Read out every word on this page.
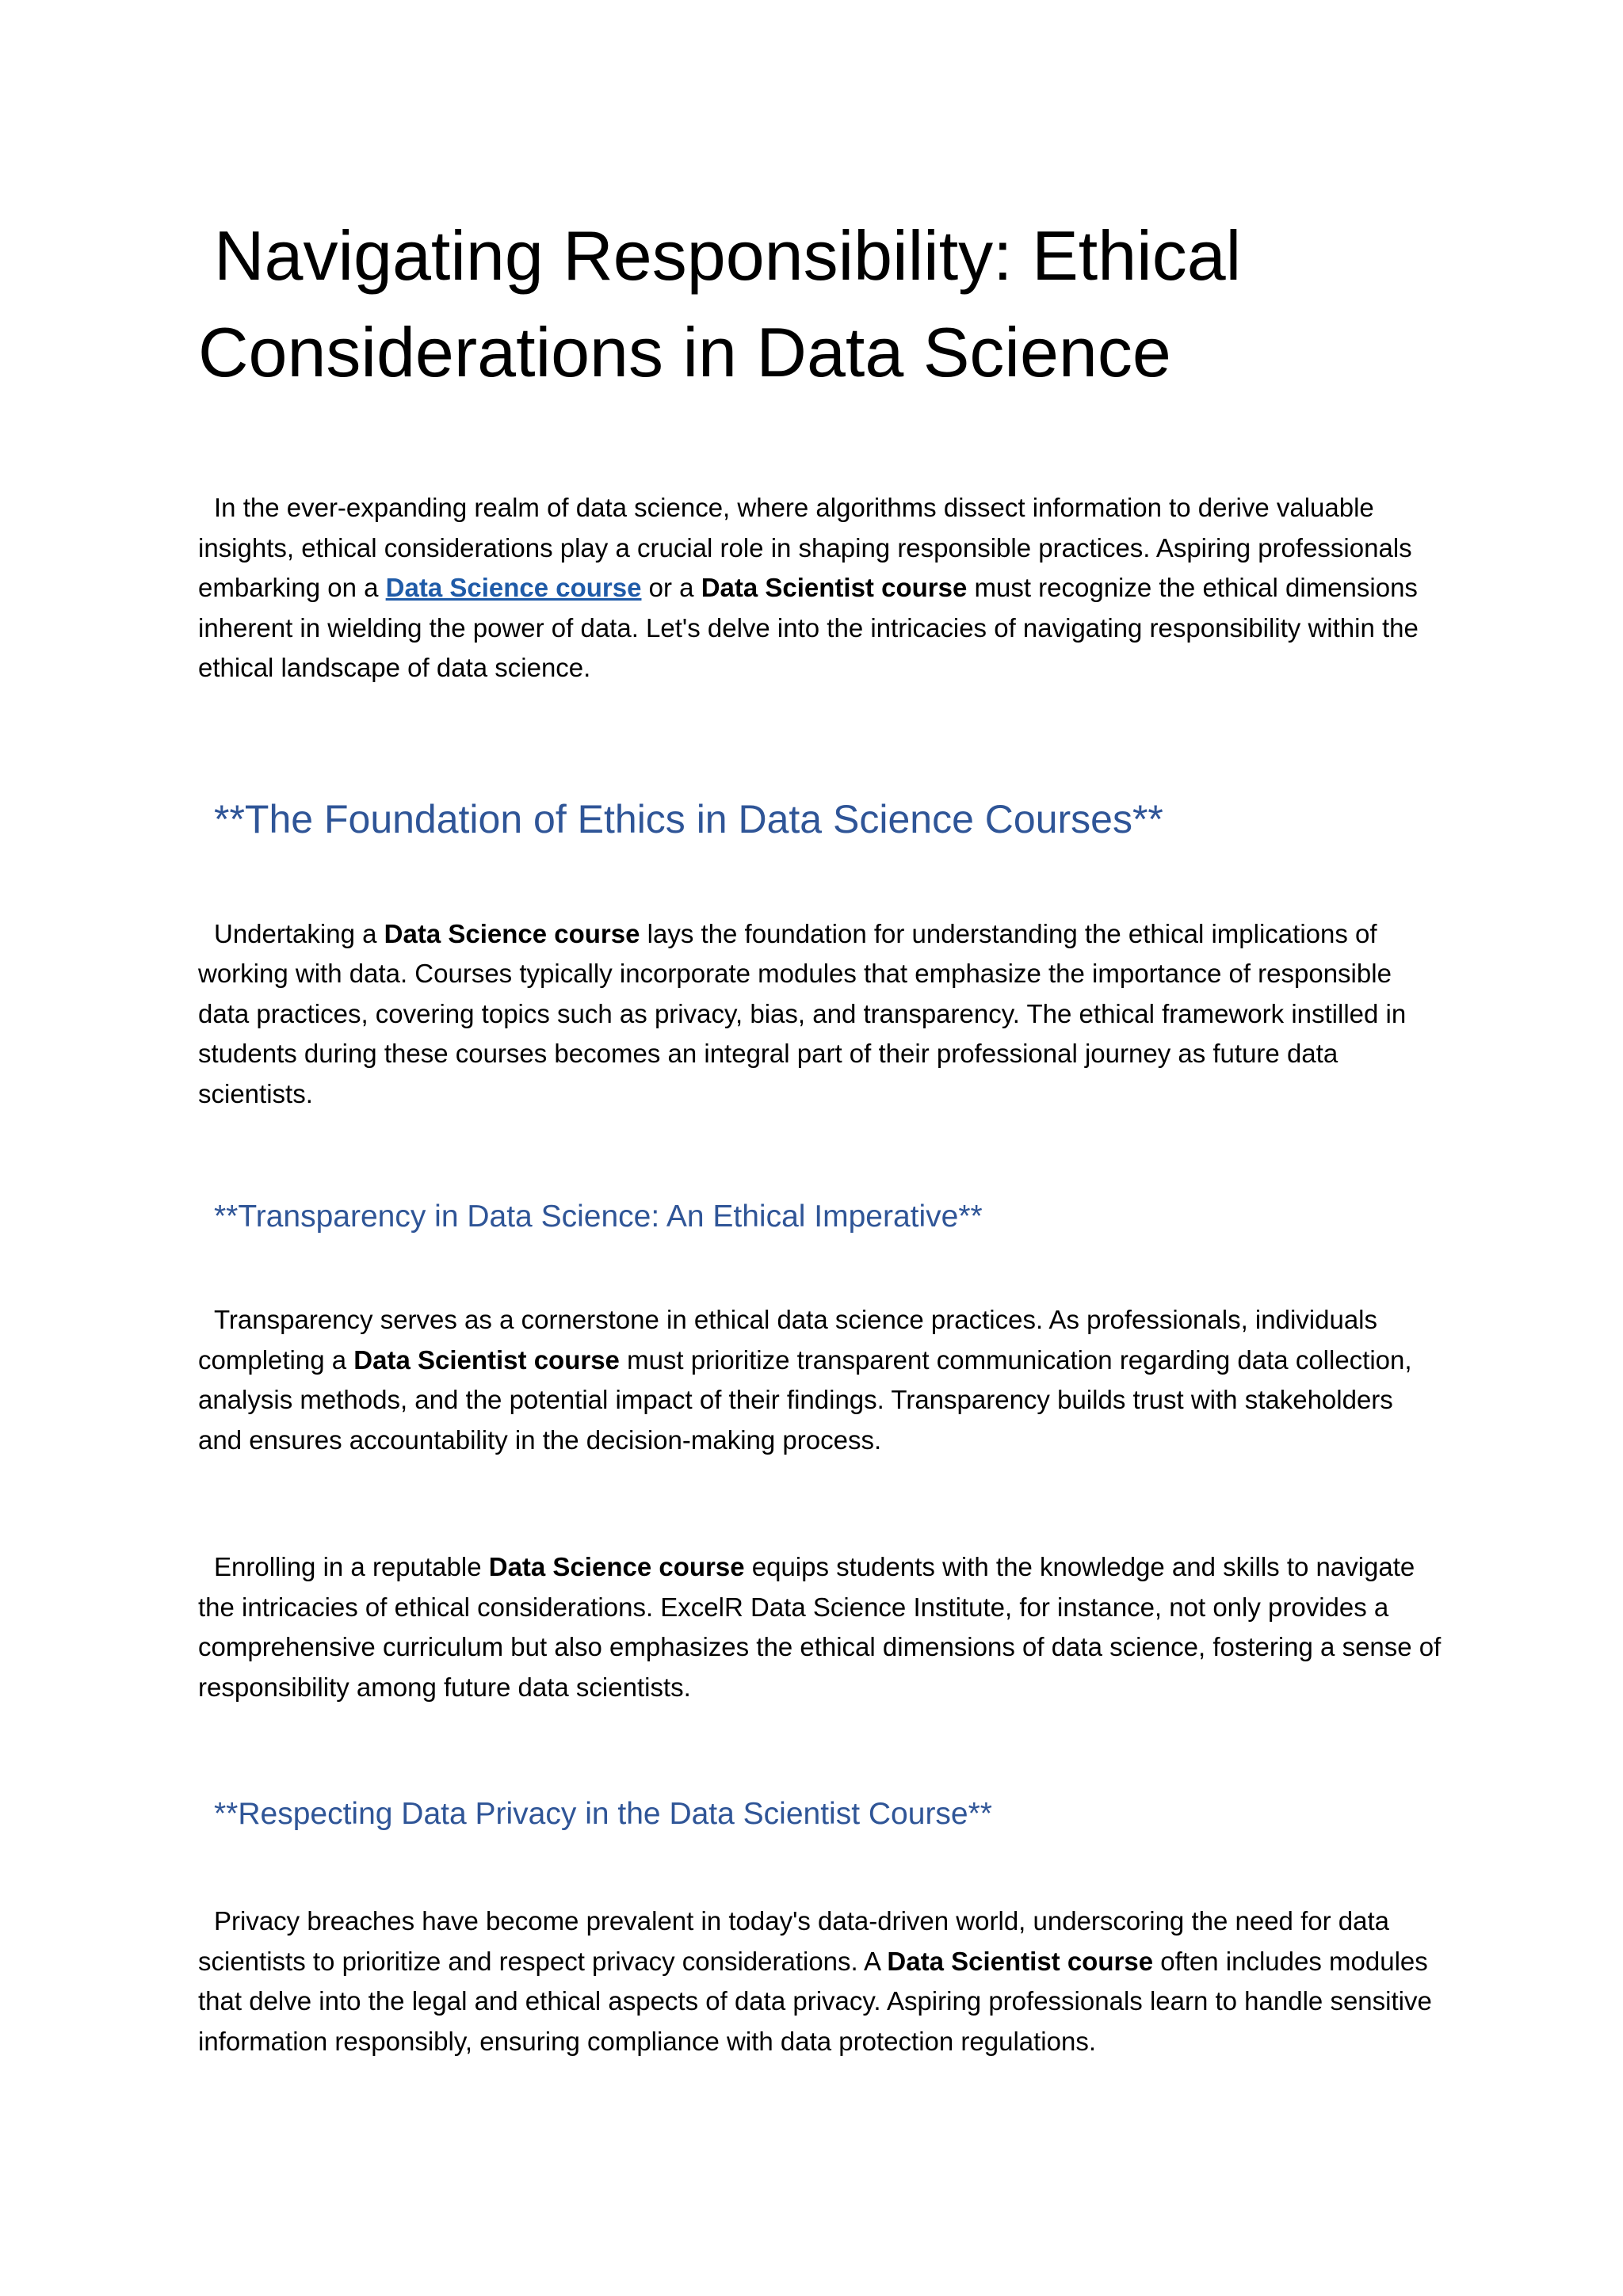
Navigating Responsibility: Ethical
Considerations in Data Science

In the ever-expanding realm of data science, where algorithms dissect information to derive valuable insights, ethical considerations play a crucial role in shaping responsible practices. Aspiring professionals embarking on a Data Science course or a Data Scientist course must recognize the ethical dimensions inherent in wielding the power of data. Let's delve into the intricacies of navigating responsibility within the ethical landscape of data science.

**The Foundation of Ethics in Data Science Courses**

Undertaking a Data Science course lays the foundation for understanding the ethical implications of working with data. Courses typically incorporate modules that emphasize the importance of responsible data practices, covering topics such as privacy, bias, and transparency. The ethical framework instilled in students during these courses becomes an integral part of their professional journey as future data scientists.

**Transparency in Data Science: An Ethical Imperative**

Transparency serves as a cornerstone in ethical data science practices. As professionals, individuals completing a Data Scientist course must prioritize transparent communication regarding data collection, analysis methods, and the potential impact of their findings. Transparency builds trust with stakeholders and ensures accountability in the decision-making process.

Enrolling in a reputable Data Science course equips students with the knowledge and skills to navigate the intricacies of ethical considerations. ExcelR Data Science Institute, for instance, not only provides a comprehensive curriculum but also emphasizes the ethical dimensions of data science, fostering a sense of responsibility among future data scientists.

**Respecting Data Privacy in the Data Scientist Course**

Privacy breaches have become prevalent in today's data-driven world, underscoring the need for data scientists to prioritize and respect privacy considerations. A Data Scientist course often includes modules that delve into the legal and ethical aspects of data privacy. Aspiring professionals learn to handle sensitive information responsibly, ensuring compliance with data protection regulations.
